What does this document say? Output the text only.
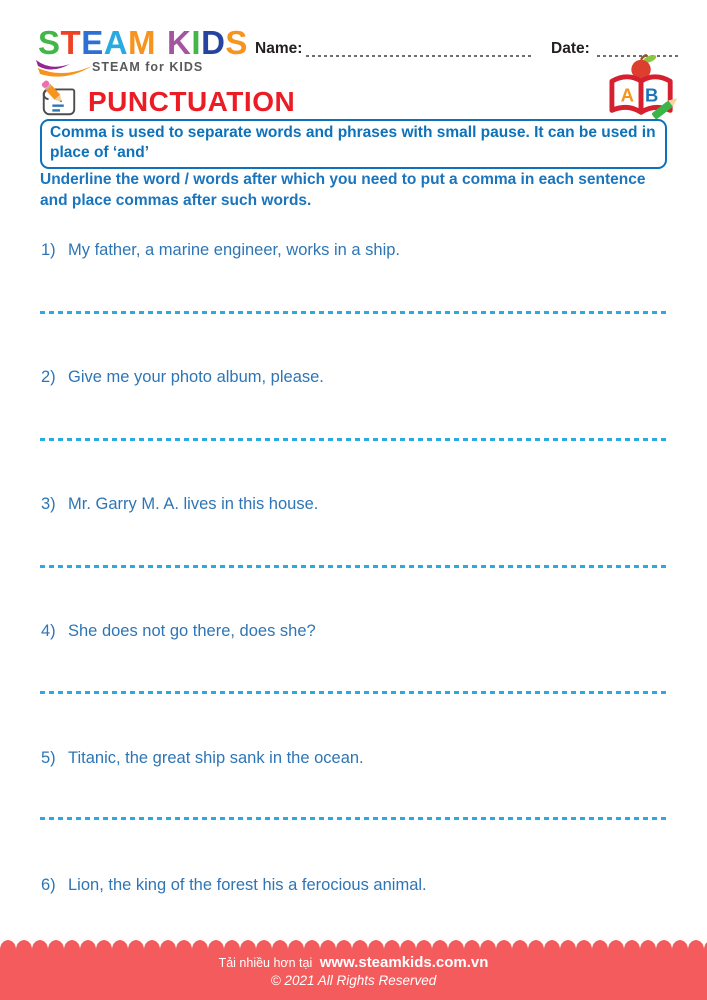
STEAM KIDS
STEAM for KIDS
Name:	Date:
A B
PUNCTUATION
Comma is used to separate words and phrases with small pause. It can be used in place of ‘and’
Underline the word / words after which you need to put a comma in each sentence and place commas after such words.
1) My father, a marine engineer, works in a ship.
2) Give me your photo album, please.
3) Mr. Garry M. A. lives in this house.
4) She does not go there, does she?
5) Titanic, the great ship sank in the ocean.
6) Lion, the king of the forest his a ferocious animal.
Tải nhiều hơn tại www.steamkids.com.vn
© 2021 All Rights Reserved
